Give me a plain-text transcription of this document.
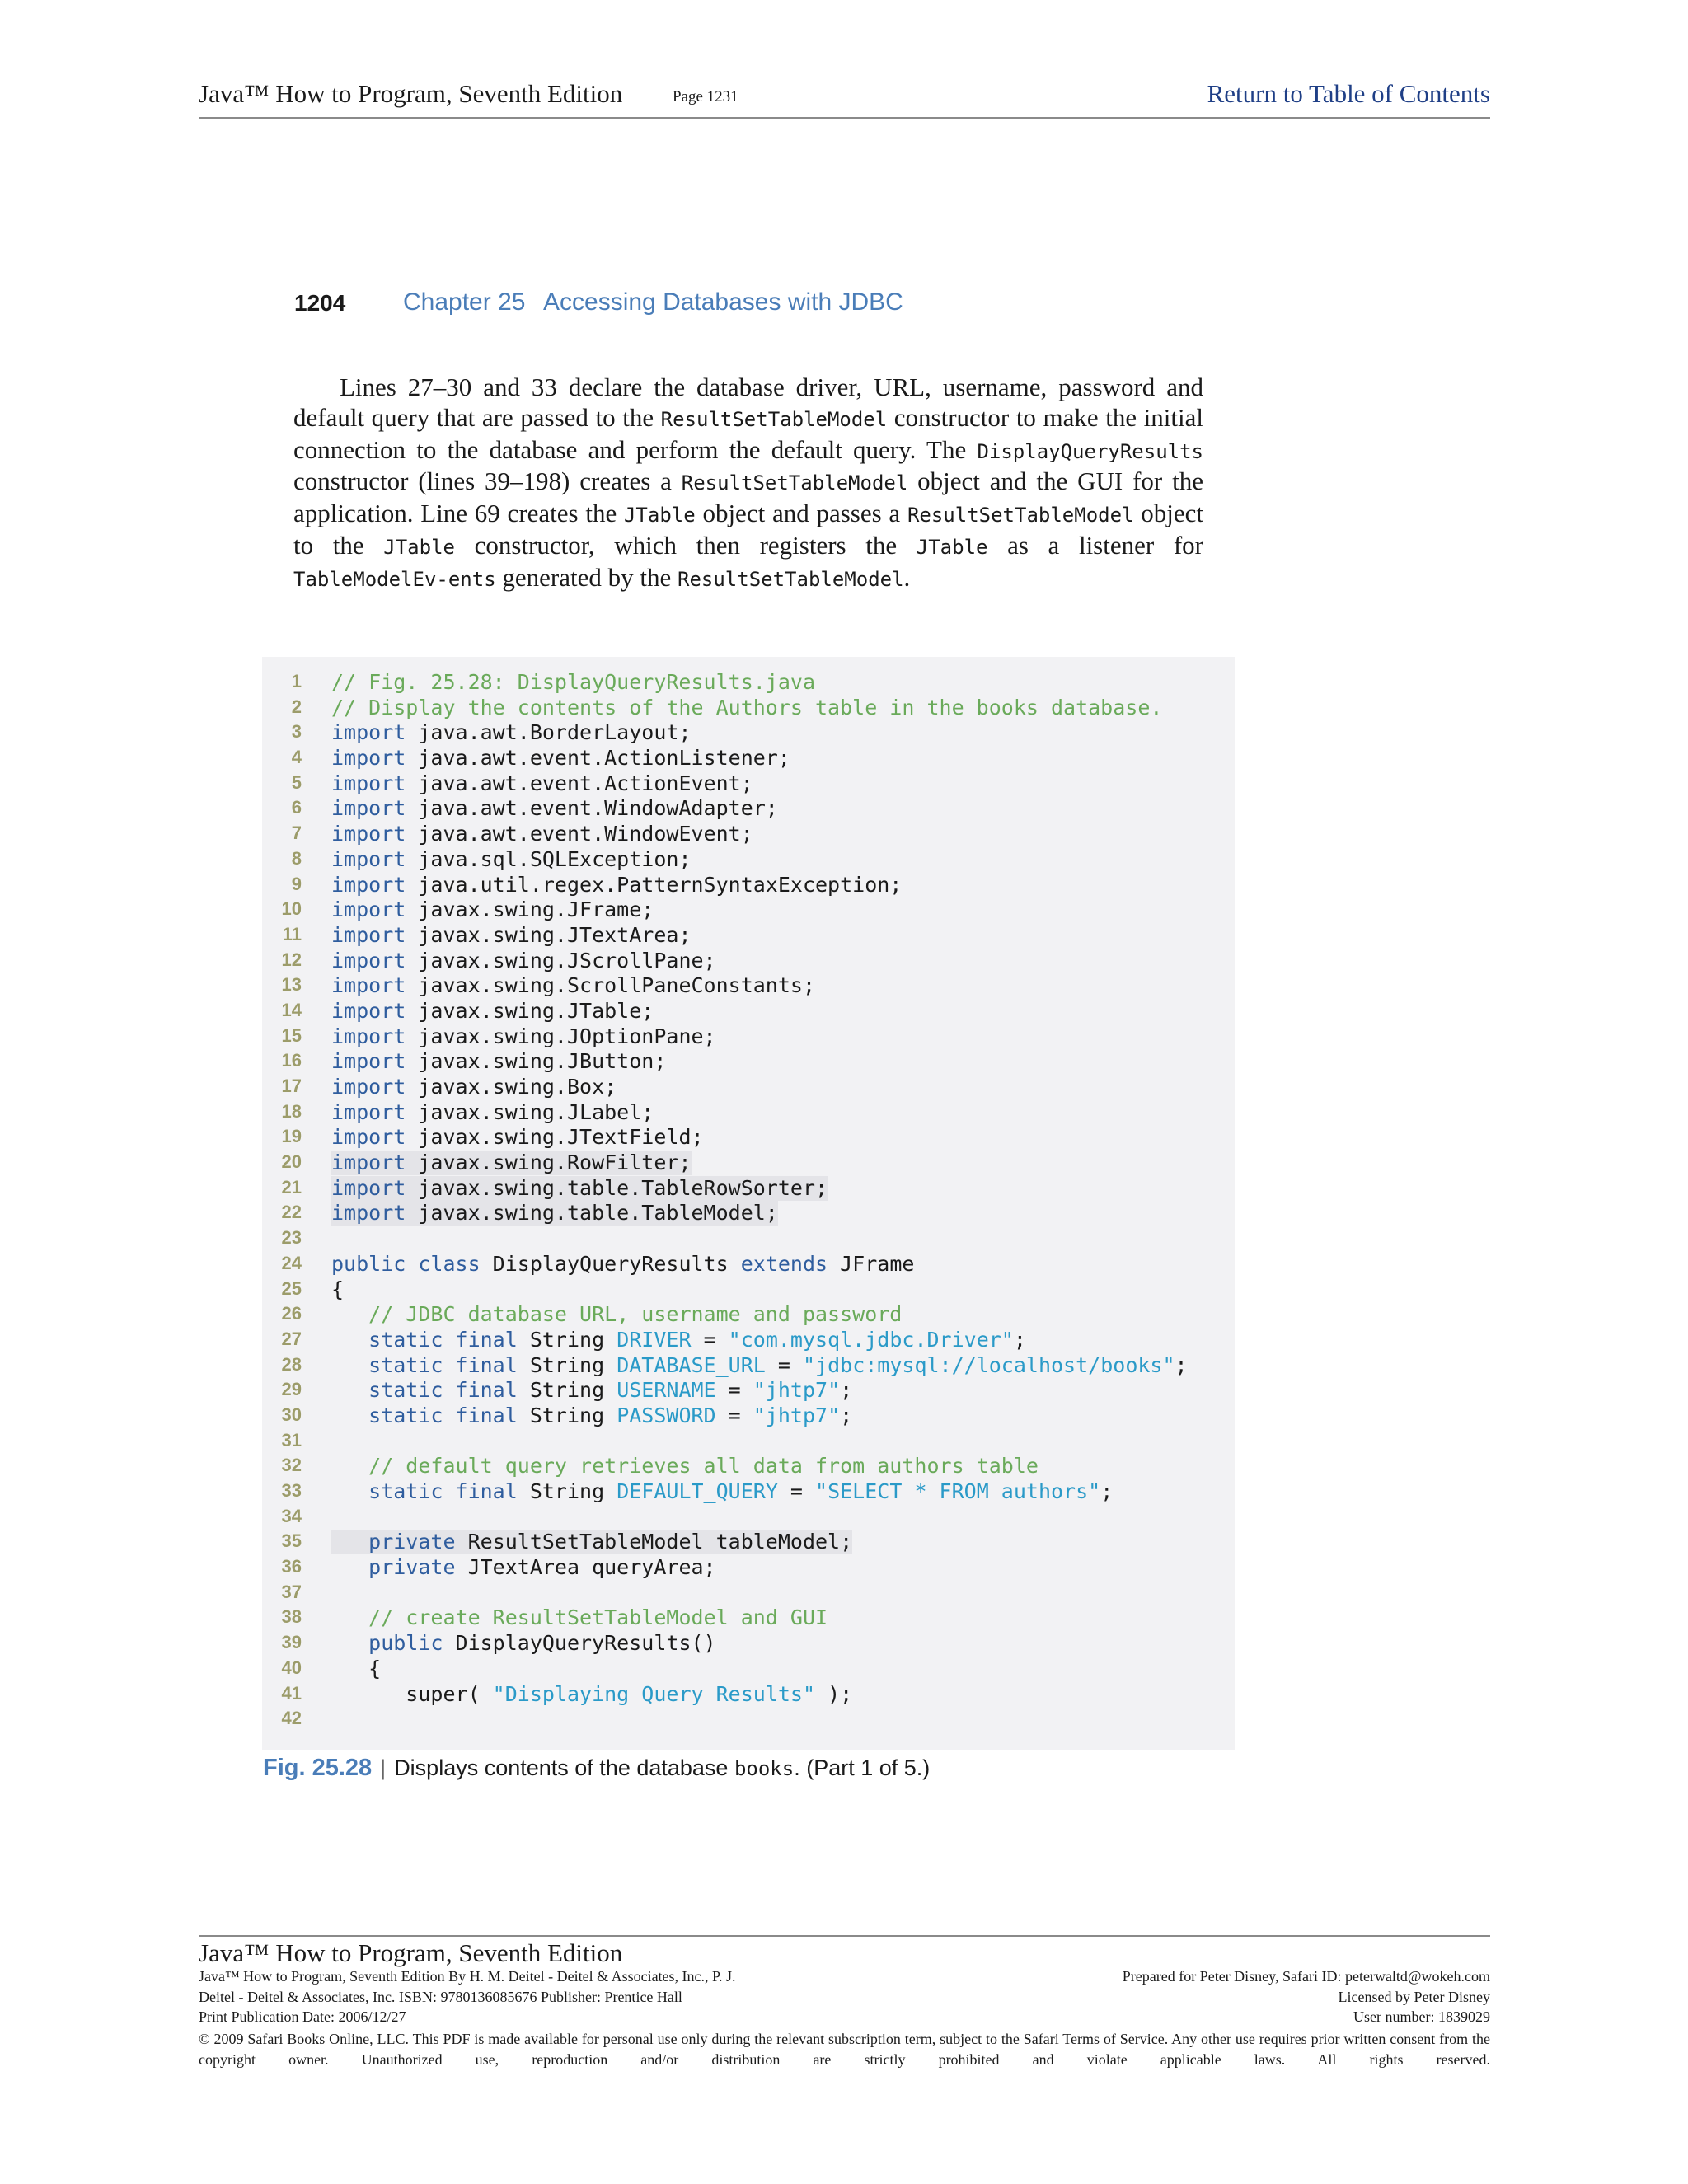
Java™ How to Program, Seventh Edition	Page 1231	Return to Table of Contents
1204 Chapter 25 Accessing Databases with JDBC

Lines 27–30 and 33 declare the database driver, URL, username, password and default query that are passed to the ResultSetTableModel constructor to make the initial connection to the database and perform the default query. The DisplayQueryResults constructor (lines 39–198) creates a ResultSetTableModel object and the GUI for the application. Line 69 creates the JTable object and passes a ResultSetTableModel object to the JTable constructor, which then registers the JTable as a listener for TableModelEv-ents generated by the ResultSetTableModel.

1 // Fig. 25.28: DisplayQueryResults.java
2 // Display the contents of the Authors table in the books database.
3 import java.awt.BorderLayout;
4 import java.awt.event.ActionListener;
5 import java.awt.event.ActionEvent;
6 import java.awt.event.WindowAdapter;
7 import java.awt.event.WindowEvent;
8 import java.sql.SQLException;
9 import java.util.regex.PatternSyntaxException;
10 import javax.swing.JFrame;
11 import javax.swing.JTextArea;
12 import javax.swing.JScrollPane;
13 import javax.swing.ScrollPaneConstants;
14 import javax.swing.JTable;
15 import javax.swing.JOptionPane;
16 import javax.swing.JButton;
17 import javax.swing.Box;
18 import javax.swing.JLabel;
19 import javax.swing.JTextField;
20 import javax.swing.RowFilter;
21 import javax.swing.table.TableRowSorter;
22 import javax.swing.table.TableModel;
23
24 public class DisplayQueryResults extends JFrame
25 {
26	// JDBC database URL, username and password
27	static final String DRIVER = "com.mysql.jdbc.Driver";
28	static final String DATABASE_URL = "jdbc:mysql://localhost/books";
29	static final String USERNAME = "jhtp7";
30	static final String PASSWORD = "jhtp7";
31
32	// default query retrieves all data from authors table
33	static final String DEFAULT_QUERY = "SELECT * FROM authors";
34
35	private ResultSetTableModel tableModel;
36	private JTextArea queryArea;
37
38	// create ResultSetTableModel and GUI
39	public DisplayQueryResults()
40 {
41 super( "Displaying Query Results" );
42
Fig. 25.28 | Displays contents of the database books. (Part 1 of 5.)
Java™ How to Program, Seventh Edition
Java™ How to Program, Seventh Edition By H. M. Deitel - Deitel & Associates, Inc., P. J.
Deitel - Deitel & Associates, Inc. ISBN: 9780136085676 Publisher: Prentice Hall
Print Publication Date: 2006/12/27
Prepared for Peter Disney, Safari ID: peterwaltd@wokeh.com
Licensed by Peter Disney
User number: 1839029
© 2009 Safari Books Online, LLC. This PDF is made available for personal use only during the relevant subscription term, subject to the Safari Terms of Service. Any other use requires prior written consent from the copyright owner. Unauthorized use, reproduction and/or distribution are strictly prohibited and violate applicable laws. All rights reserved.
